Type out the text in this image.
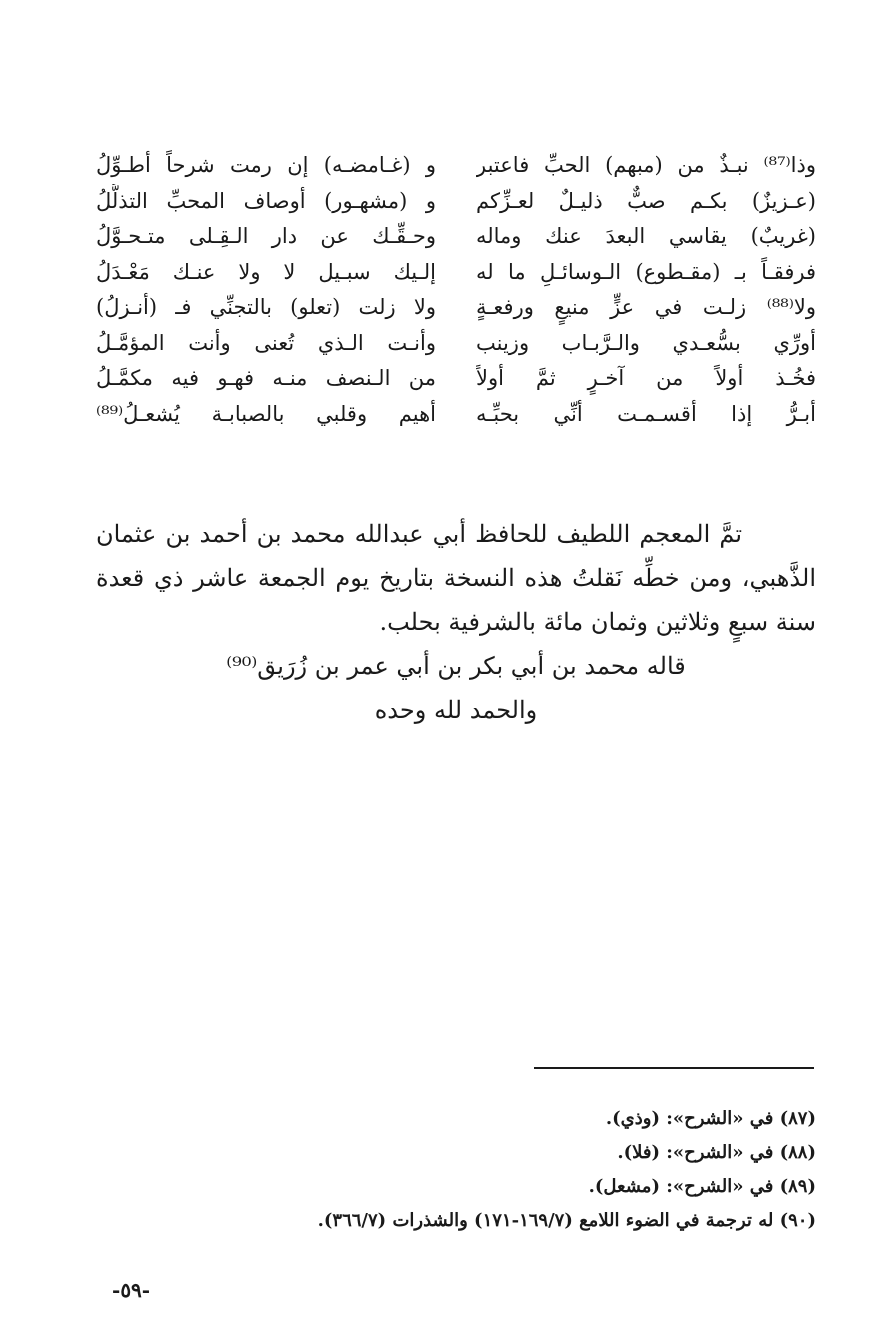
وذا⁽⁸⁷⁾ نبـذٌ من (مبهم) الحبِّ فاعتبر
(عـزيزٌ) بكـم صبٌّ ذليـلٌ لعـزِّكم
(غريبٌ) يقاسي البعدَ عنك وماله
فرفقـاً بـ (مقـطوع) الـوسائـلِ ما له
ولا⁽⁸⁸⁾ زلـت في عزٍّ منيعٍ ورفعـةٍ
أورِّي بسُّعـدي والـرَّبـاب وزينب
فخُـذ أولاً من آخـرٍ ثمَّ أولاً
أبـرُّ إذا أقسـمـت أنِّي بحبِّـه
و (غـامضـه) إن رمت شرحاً أطـوِّلُ
و (مشهـور) أوصاف المحبِّ التذلُّلُ
وحـقِّـك عن دار الـقِـلى متـحـوَّلُ
إلـيك سبـيل لا ولا عنـك مَعْـدَلُ
ولا زلت (تعلو) بالتجنِّي فـ (أنـزلُ)
وأنـت الـذي تُعنى وأنت المؤمَّـلُ
من الـنصف منـه فهـو فيه مكمَّـلُ
أهيم وقلبي بالصبابـة يُشعـلُ⁽⁸⁹⁾

تمَّ المعجم اللطيف للحافظ أبي عبدالله محمد بن أحمد بن عثمان الذَّهبي، ومن خطِّه نَقلتُ هذه النسخة بتاريخ يوم الجمعة عاشر ذي قعدة سنة سبعٍ وثلاثين وثمان مائة بالشرفية بحلب.

قاله محمد بن أبي بكر بن أبي عمر بن زُرَيق⁽⁹⁰⁾

والحمد لله وحده

(٨٧) في «الشرح»: (وذي).
(٨٨) في «الشرح»: (فلا).
(٨٩) في «الشرح»: (مشعل).
(٩٠) له ترجمة في الضوء اللامع (١٦٩/٧-١٧١) والشذرات (٣٦٦/٧).
-٥٩-
